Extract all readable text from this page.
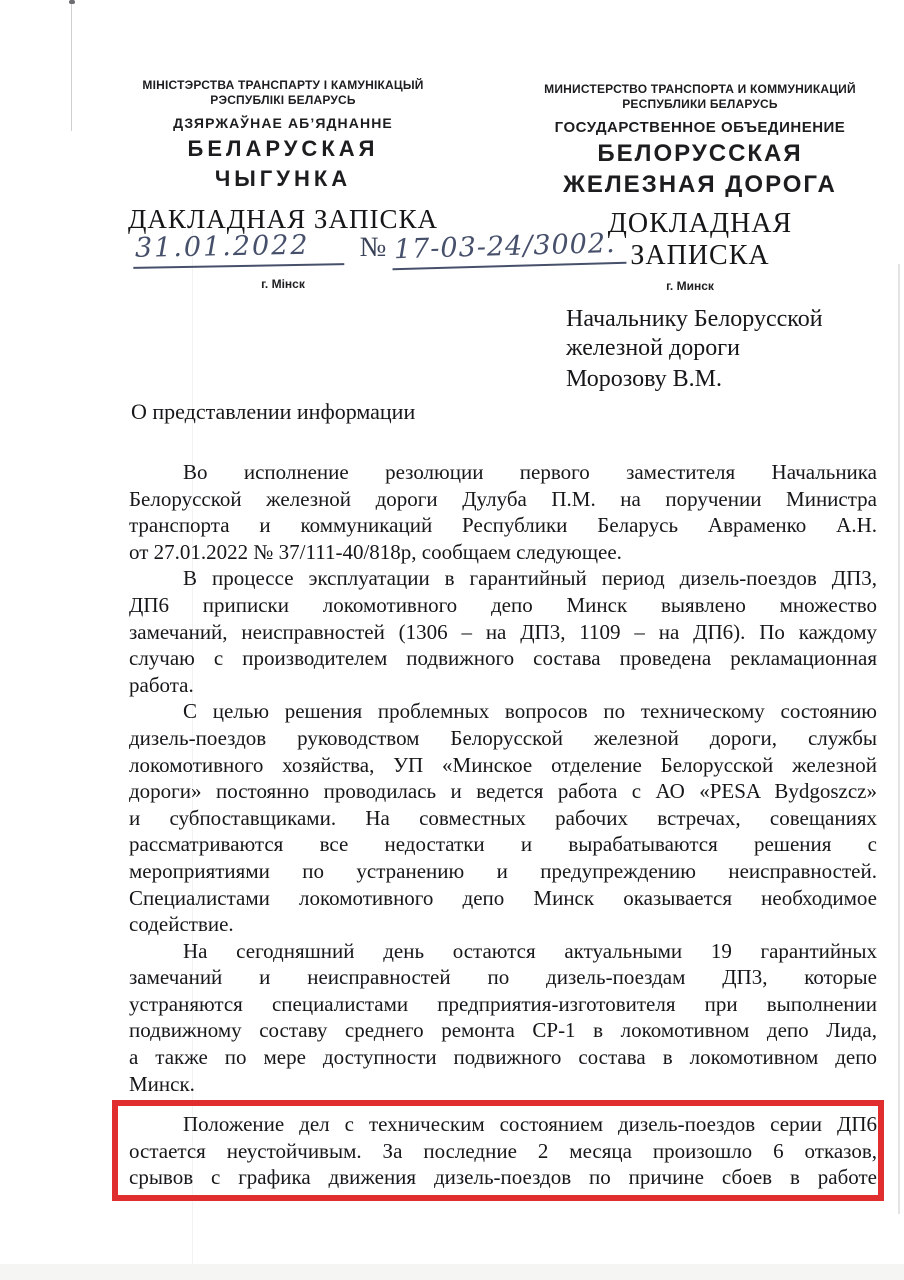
МІНІСТЭРСТВА ТРАНСПАРТУ І КАМУНІКАЦЫЙ
РЭСПУБЛІКІ БЕЛАРУСЬ
ДЗЯРЖАЎНАЕ АБ’ЯДНАННЕ
БЕЛАРУСКАЯ
ЧЫГУНКА
ДАКЛАДНАЯ ЗАПІСКА
МИНИСТЕРСТВО ТРАНСПОРТА И КОММУНИКАЦИЙ
РЕСПУБЛИКИ БЕЛАРУСЬ
ГОСУДАРСТВЕННОЕ ОБЪЕДИНЕНИЕ
БЕЛОРУССКАЯ
ЖЕЛЕЗНАЯ ДОРОГА
ДОКЛАДНАЯ ЗАПИСКА
31.01.2022	№ 17-03-24/3002.
г. Мінск	г. Минск
Начальнику Белорусской
железной дороги
Морозову В.М.
О представлении информации
Во исполнение резолюции первого заместителя Начальника
Белорусской железной дороги Дулуба П.М. на поручении Министра
транспорта и коммуникаций Республики Беларусь Авраменко А.Н.
от 27.01.2022 № 37/111-40/818р, сообщаем следующее.
В процессе эксплуатации в гарантийный период дизель-поездов ДП3,
ДП6 приписки локомотивного депо Минск выявлено множество
замечаний, неисправностей (1306 – на ДП3, 1109 – на ДП6). По каждому
случаю с производителем подвижного состава проведена рекламационная
работа.
С целью решения проблемных вопросов по техническому состоянию
дизель-поездов руководством Белорусской железной дороги, службы
локомотивного хозяйства, УП «Минское отделение Белорусской железной
дороги» постоянно проводилась и ведется работа с АО «PESA Bydgoszcz»
и субпоставщиками. На совместных рабочих встречах, совещаниях
рассматриваются все недостатки и вырабатываются решения с
мероприятиями по устранению и предупреждению неисправностей.
Специалистами локомотивного депо Минск оказывается необходимое
содействие.
На сегодняшний день остаются актуальными 19 гарантийных
замечаний и неисправностей по дизель-поездам ДП3, которые
устраняются специалистами предприятия-изготовителя при выполнении
подвижному составу среднего ремонта СР-1 в локомотивном депо Лида,
а также по мере доступности подвижного состава в локомотивном депо
Минск.
Положение дел с техническим состоянием дизель-поездов серии ДП6
остается неустойчивым. За последние 2 месяца произошло 6 отказов,
срывов с графика движения дизель-поездов по причине сбоев в работе
